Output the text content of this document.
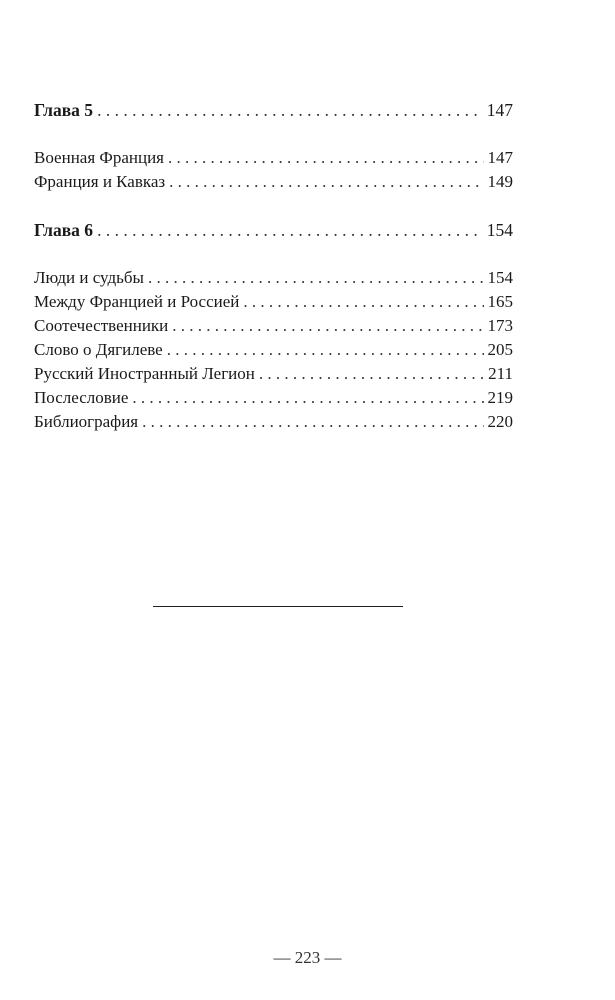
Глава 5 . . .	147
Военная Франция . . .	147
Франция и Кавказ . . .	149
Глава 6 . . .	154
Люди и судьбы . . .	154
Между Францией и Россией . . .	165
Соотечественники . . .	173
Слово о Дягилеве . . .	205
Русский Иностранный Легион . . .	211
Послесловие . . .	219
Библиография . . .	220
— 223 —
